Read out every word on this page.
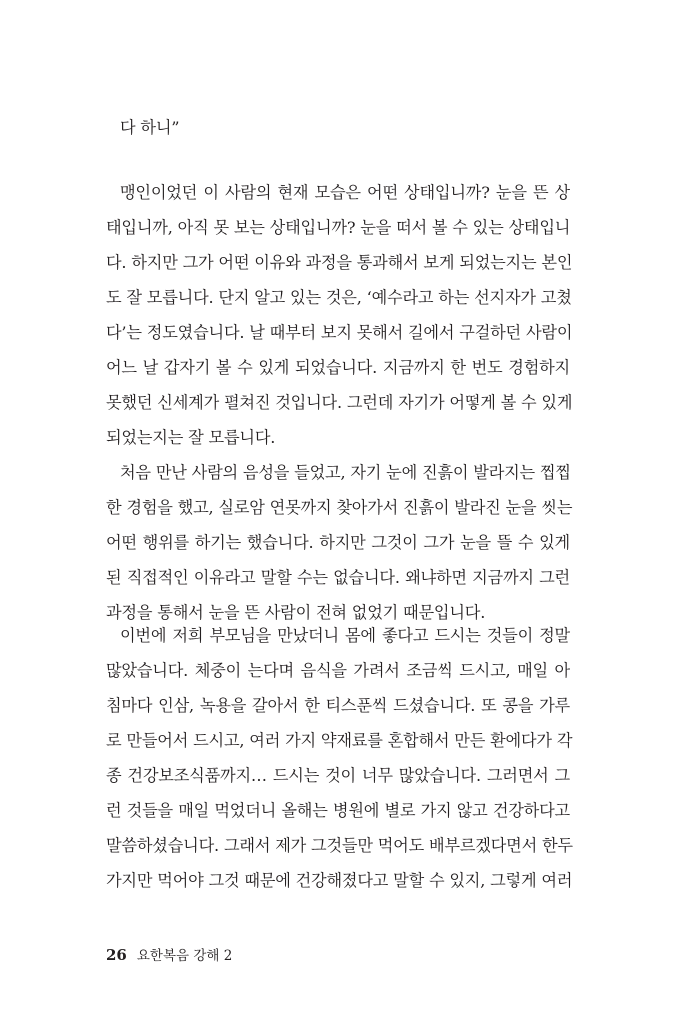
다 하니”
맹인이었던 이 사람의 현재 모습은 어떤 상태입니까? 눈을 뜬 상
태입니까, 아직 못 보는 상태입니까? 눈을 떠서 볼 수 있는 상태입니
다. 하지만 그가 어떤 이유와 과정을 통과해서 보게 되었는지는 본인
도 잘 모릅니다. 단지 알고 있는 것은, ‘예수라고 하는 선지자가 고쳤
다’는 정도였습니다. 날 때부터 보지 못해서 길에서 구걸하던 사람이
어느 날 갑자기 볼 수 있게 되었습니다. 지금까지 한 번도 경험하지
못했던 신세계가 펼쳐진 것입니다. 그런데 자기가 어떻게 볼 수 있게
되었는지는 잘 모릅니다.
처음 만난 사람의 음성을 들었고, 자기 눈에 진흙이 발라지는 찝찝
한 경험을 했고, 실로암 연못까지 찾아가서 진흙이 발라진 눈을 씻는
어떤 행위를 하기는 했습니다. 하지만 그것이 그가 눈을 뜰 수 있게
된 직접적인 이유라고 말할 수는 없습니다. 왜냐하면 지금까지 그런
과정을 통해서 눈을 뜬 사람이 전혀 없었기 때문입니다.
이번에 저희 부모님을 만났더니 몸에 좋다고 드시는 것들이 정말
많았습니다. 체중이 는다며 음식을 가려서 조금씩 드시고, 매일 아
침마다 인삼, 녹용을 갈아서 한 티스푼씩 드셨습니다. 또 콩을 가루
로 만들어서 드시고, 여러 가지 약재료를 혼합해서 만든 환에다가 각
종 건강보조식품까지… 드시는 것이 너무 많았습니다. 그러면서 그
런 것들을 매일 먹었더니 올해는 병원에 별로 가지 않고 건강하다고
말씀하셨습니다. 그래서 제가 그것들만 먹어도 배부르겠다면서 한두
가지만 먹어야 그것 때문에 건강해졌다고 말할 수 있지, 그렇게 여러
26 요한복음 강해 2
